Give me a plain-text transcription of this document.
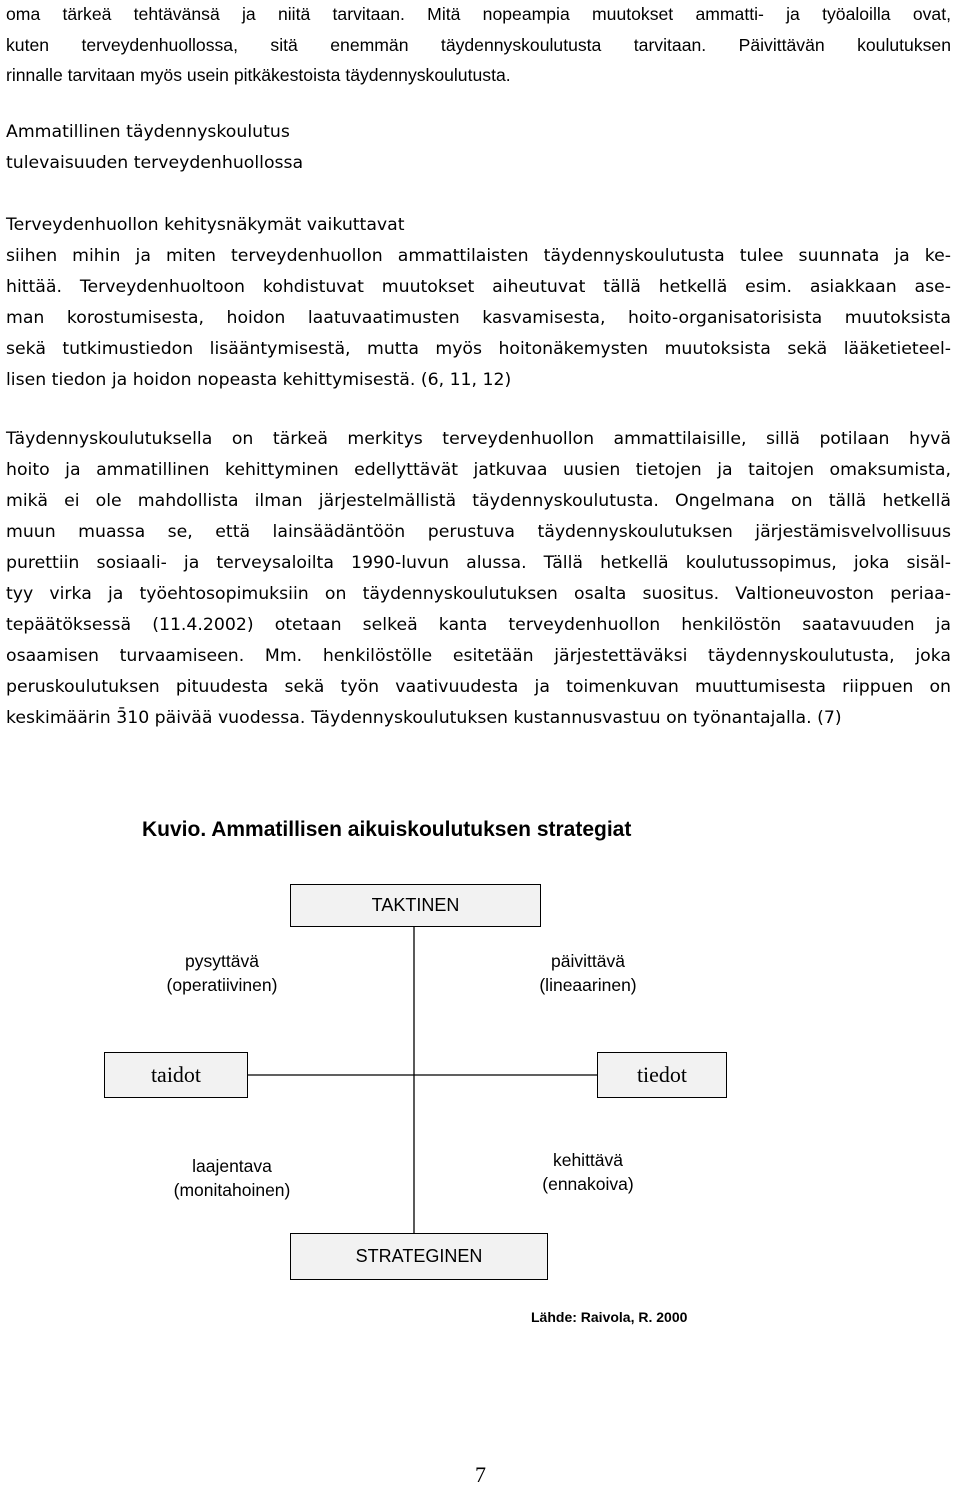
oma tärkeä tehtävänsä ja niitä tarvitaan. Mitä nopeampia muutokset ammatti- ja työaloilla ovat,
kuten terveydenhuollossa, sitä enemmän täydennyskoulutusta tarvitaan. Päivittävän koulutuksen
rinnalle tarvitaan myös usein pitkäkestoista täydennyskoulutusta.
Ammatillinen täydennyskoulutus
tulevaisuuden terveydenhuollossa
Terveydenhuollon kehitysnäkymät vaikuttavat
siihen mihin ja miten terveydenhuollon ammattilaisten täydennyskoulutusta tulee suunnata ja ke-
hittää. Terveydenhuoltoon kohdistuvat muutokset aiheutuvat tällä hetkellä esim. asiakkaan ase-
man korostumisesta, hoidon laatuvaatimusten kasvamisesta, hoito-organisatorisista muutoksista
sekä tutkimustiedon lisääntymisestä, mutta myös hoitonäkemysten muutoksista sekä lääketieteel-
lisen tiedon ja hoidon nopeasta kehittymisestä. (6, 11, 12)
Täydennyskoulutuksella on tärkeä merkitys terveydenhuollon ammattilaisille, sillä potilaan hyvä
hoito ja ammatillinen kehittyminen edellyttävät jatkuvaa uusien tietojen ja taitojen omaksumista,
mikä ei ole mahdollista ilman järjestelmällistä täydennyskoulutusta. Ongelmana on tällä hetkellä
muun muassa se, että lainsäädäntöön perustuva täydennyskoulutuksen järjestämisvelvollisuus
purettiin sosiaali- ja terveysaloilta 1990-luvun alussa. Tällä hetkellä koulutussopimus, joka sisäl-
tyy virka ja työehtosopimuksiin on täydennyskoulutuksen osalta suositus. Valtioneuvoston periaa-
tepäätöksessä (11.4.2002) otetaan selkeä kanta terveydenhuollon henkilöstön saatavuuden ja
osaamisen turvaamiseen. Mm. henkilöstölle esitetään järjestettäväksi täydennyskoulutusta, joka
peruskoulutuksen pituudesta sekä työn vaativuudesta ja toimenkuvan muuttumisesta riippuen on
keskimäärin 3̄10 päivää vuodessa. Täydennyskoulutuksen kustannusvastuu on työnantajalla. (7)
Kuvio. Ammatillisen aikuiskoulutuksen strategiat
TAKTINEN
taidot	tiedot
STRATEGINEN
pysyttävä
(operatiivinen)
päivittävä
(lineaarinen)
laajentava
(monitahoinen)
kehittävä
(ennakoiva)
Lähde: Raivola, R. 2000
7
